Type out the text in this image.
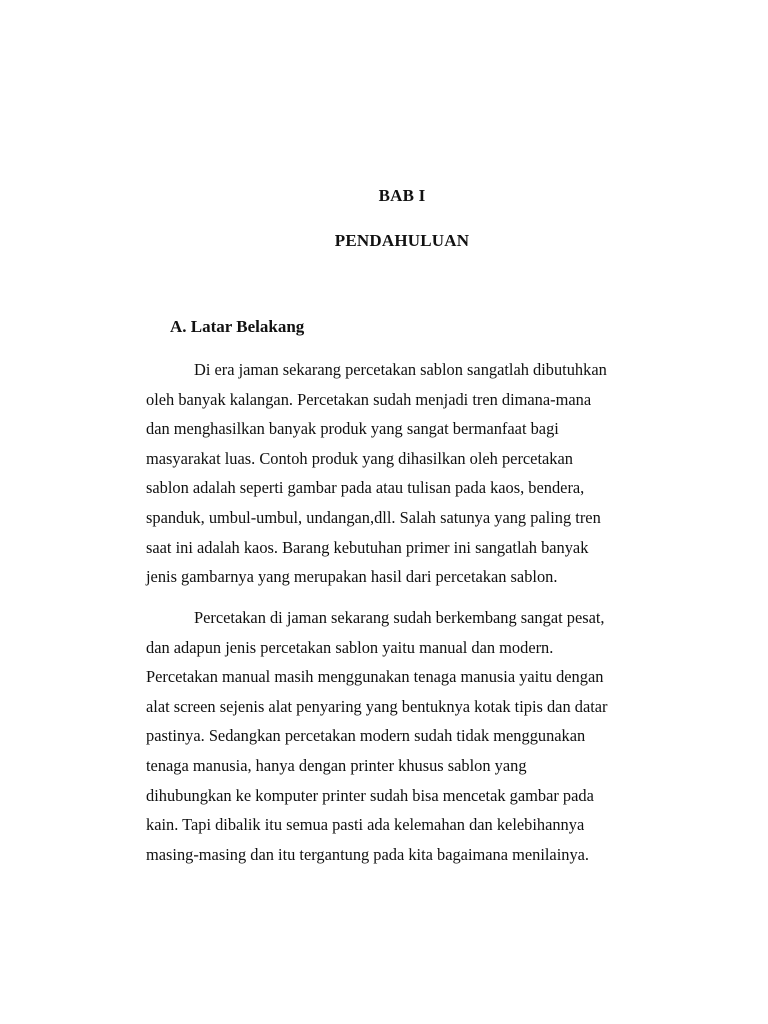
BAB I
PENDAHULUAN
A. Latar Belakang
Di era jaman sekarang percetakan sablon sangatlah dibutuhkan
oleh banyak kalangan. Percetakan sudah menjadi tren dimana-mana
dan menghasilkan banyak produk yang sangat bermanfaat bagi
masyarakat luas. Contoh produk yang dihasilkan oleh percetakan
sablon adalah seperti gambar pada atau tulisan pada kaos, bendera,
spanduk, umbul-umbul, undangan,dll. Salah satunya yang paling tren
saat ini adalah kaos. Barang kebutuhan primer ini sangatlah banyak
jenis gambarnya yang merupakan hasil dari percetakan sablon.
Percetakan di jaman sekarang sudah berkembang sangat pesat,
dan adapun jenis percetakan sablon yaitu manual dan modern.
Percetakan manual masih menggunakan tenaga manusia yaitu dengan
alat screen sejenis alat penyaring yang bentuknya kotak tipis dan datar
pastinya. Sedangkan percetakan modern sudah tidak menggunakan
tenaga manusia, hanya dengan printer khusus sablon yang
dihubungkan ke komputer printer sudah bisa mencetak gambar pada
kain. Tapi dibalik itu semua pasti ada kelemahan dan kelebihannya
masing-masing dan itu tergantung pada kita bagaimana menilainya.
